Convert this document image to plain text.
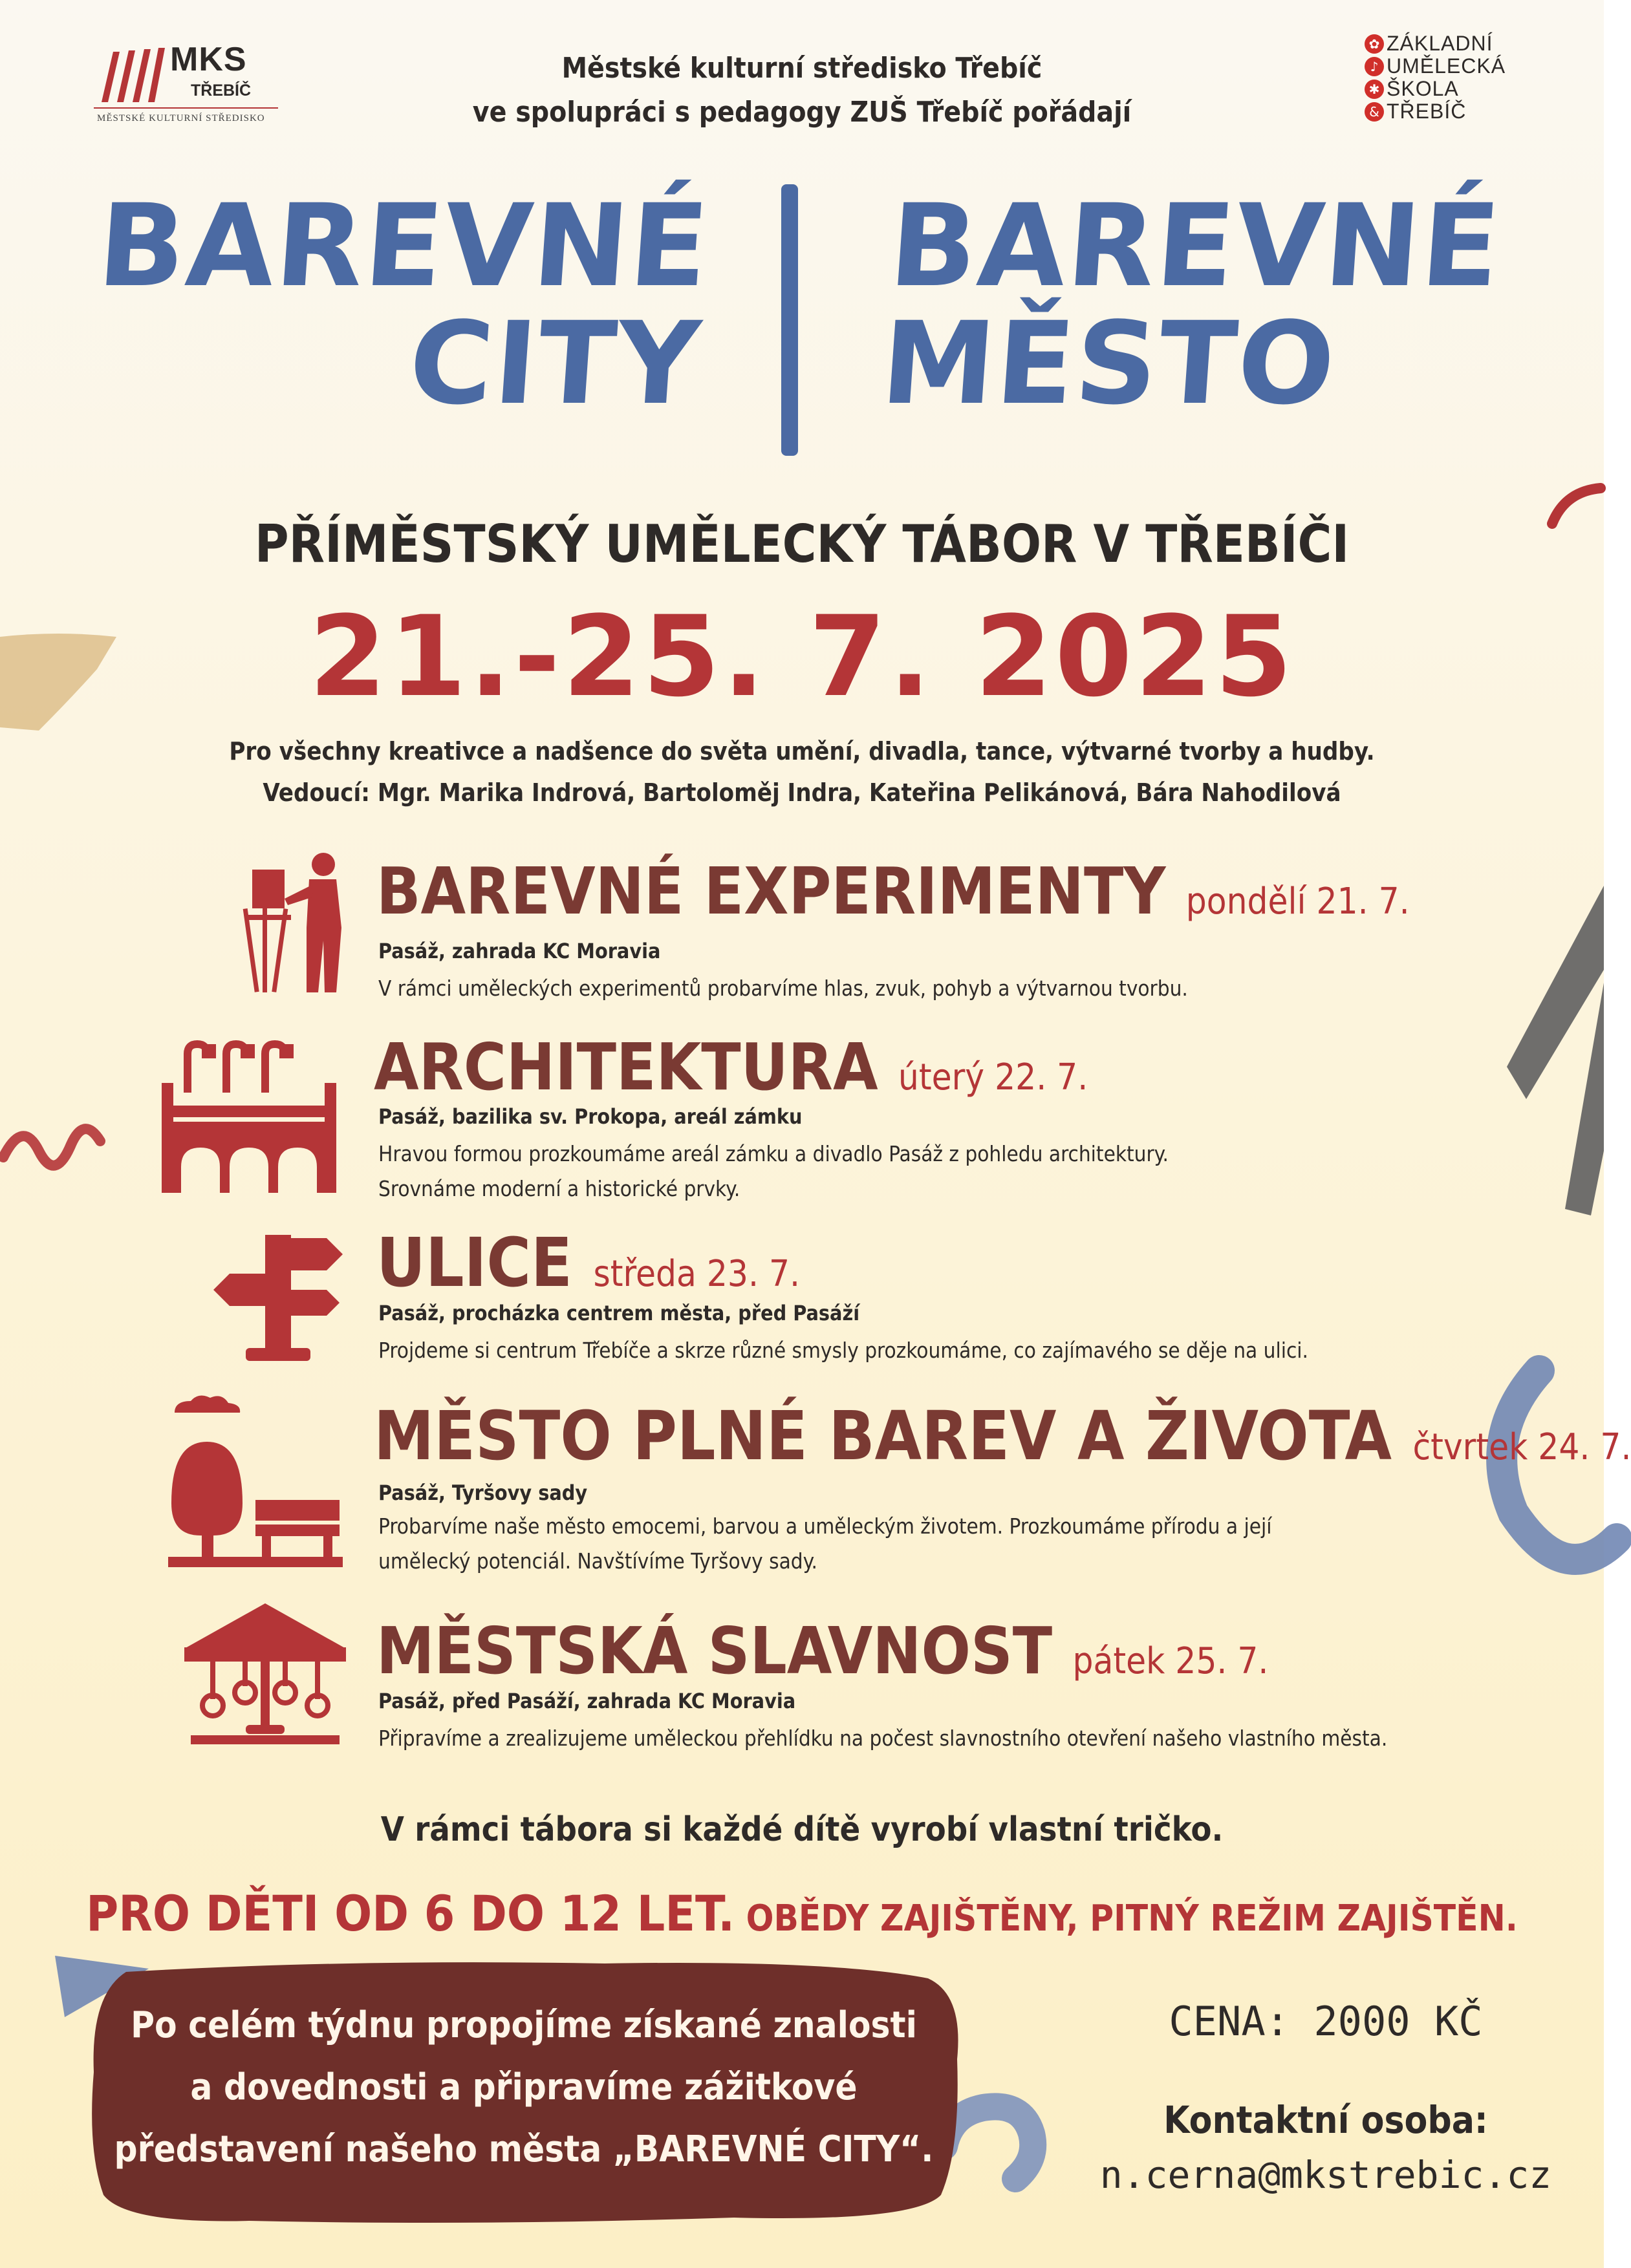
MKS
TŘEBÍČ
MĚSTSKÉ KULTURNÍ STŘEDISKO
✿ ZÁKLADNÍ
♪ UMĚLECKÁ
✱ ŠKOLA
& TŘEBÍČ
Městské kulturní středisko Třebíč
ve spolupráci s pedagogy ZUŠ Třebíč pořádají
BAREVNÉ
CITY
BAREVNÉ
MĚSTO
PŘÍMĚSTSKÝ UMĚLECKÝ TÁBOR V TŘEBÍČI
21.-25. 7. 2025
Pro všechny kreativce a nadšence do světa umění, divadla, tance, výtvarné tvorby a hudby.
Vedoucí: Mgr. Marika Indrová, Bartoloměj Indra, Kateřina Pelikánová, Bára Nahodilová
BAREVNÉ EXPERIMENTY pondělí 21. 7.
Pasáž, zahrada KC Moravia
V rámci uměleckých experimentů probarvíme hlas, zvuk, pohyb a výtvarnou tvorbu.
ARCHITEKTURA úterý 22. 7.
Pasáž, bazilika sv. Prokopa, areál zámku
Hravou formou prozkoumáme areál zámku a divadlo Pasáž z pohledu architektury.
Srovnáme moderní a historické prvky.
ULICE středa 23. 7.
Pasáž, procházka centrem města, před Pasáží
Projdeme si centrum Třebíče a skrze různé smysly prozkoumáme, co zajímavého se děje na ulici.
MĚSTO PLNÉ BAREV A ŽIVOTA čtvrtek 24. 7.
Pasáž, Tyršovy sady
Probarvíme naše město emocemi, barvou a uměleckým životem. Prozkoumáme přírodu a její
umělecký potenciál. Navštívíme Tyršovy sady.
MĚSTSKÁ SLAVNOST pátek 25. 7.
Pasáž, před Pasáží, zahrada KC Moravia
Připravíme a zrealizujeme uměleckou přehlídku na počest slavnostního otevření našeho vlastního města.
V rámci tábora si každé dítě vyrobí vlastní tričko.
PRO DĚTI OD 6 DO 12 LET. OBĚDY ZAJIŠTĚNY, PITNÝ REŽIM ZAJIŠTĚN.
Po celém týdnu propojíme získané znalosti
a dovednosti a připravíme zážitkové
představení našeho města „BAREVNÉ CITY“.
CENA: 2000 KČ
Kontaktní osoba:
n.cerna@mkstrebic.cz
